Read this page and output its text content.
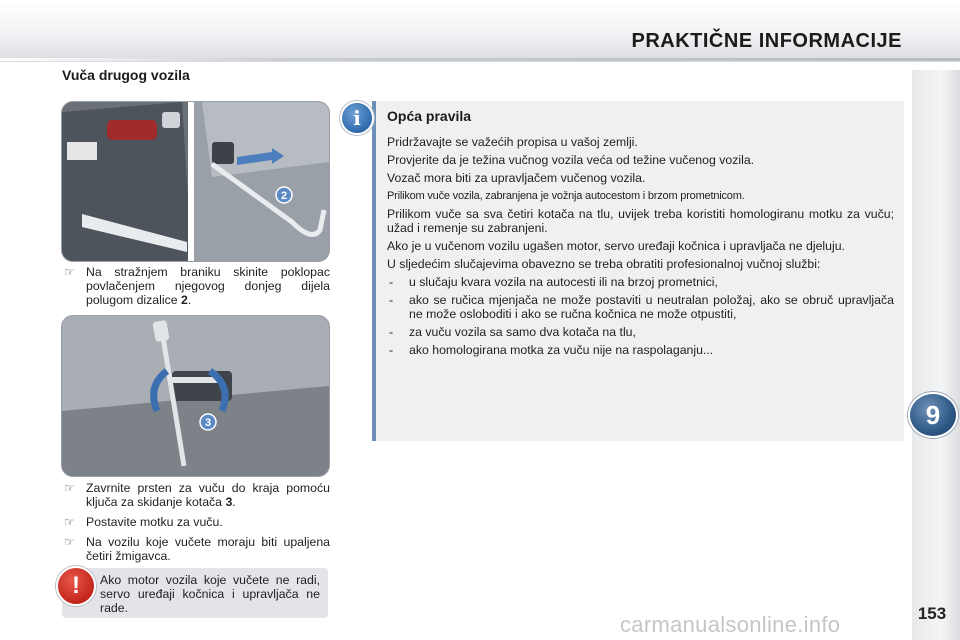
PRAKTIČNE INFORMACIJE
9
Vuča drugog vozila
2
☞ Na stražnjem braniku skinite poklopac povlačenjem njegovog donjeg dijela polugom dizalice 2.
3
☞ Zavrnite prsten za vuču do kraja pomoću ključa za skidanje kotača 3.
☞ Postavite motku za vuču.
☞ Na vozilu koje vučete moraju biti upaljena četiri žmigavca.
!	Ako motor vozila koje vučete ne radi, servo uređaji kočnica i upravljača ne rade.
i	Opća pravila

Pridržavajte se važećih propisa u vašoj zemlji.

Provjerite da je težina vučnog vozila veća od težine vučenog vozila.

Vozač mora biti za upravljačem vučenog vozila.

Prilikom vuče vozila, zabranjena je vožnja autocestom i brzom prometnicom.

Prilikom vuče sa sva četiri kotača na tlu, uvijek treba koristiti homologiranu motku za vuču; užad i remenje su zabranjeni.

Ako je u vučenom vozilu ugašen motor, servo uređaji kočnica i upravljača ne djeluju.

U sljedećim slučajevima obavezno se treba obratiti profesionalnoj vučnoj službi:

- u slučaju kvara vozila na autocesti ili na brzoj prometnici,
- ako se ručica mjenjača ne može postaviti u neutralan položaj, ako se obruč upravljača ne može osloboditi i ako se ručna kočnica ne može otpustiti,
- za vuču vozila sa samo dva kotača na tlu,
- ako homologirana motka za vuču nije na raspolaganju...
153
carmanualsonline.info
